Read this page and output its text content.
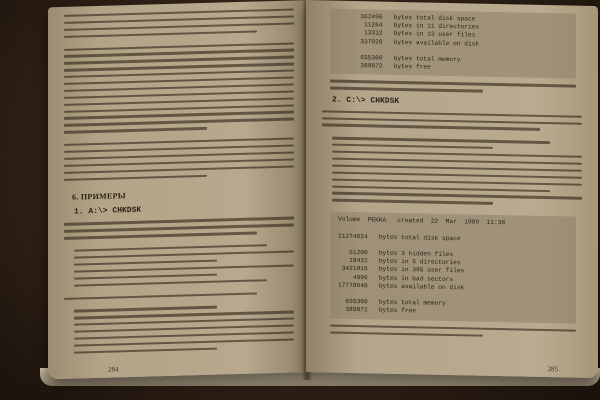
6. ПРИМЕРЫ
1. A:\> CHKDSK
284
362496   bytes total disk space
11264   bytes in 11 directories
13312   bytes in 13 user files
337920   bytes available on disk

655360   bytes total memory
389072   bytes free
2. C:\> CHKDSK
Volume  PEKKA   created  22  Mar  1989  11:38

21274624   bytes total disk space

51200   bytes 3 hidden files
18432   bytes in 6 directories
3421816   bytes in 395 user files
4096   bytes in bad sectors
17778640   bytes available on disk

655360   bytes total memory
389072   bytes free
285
